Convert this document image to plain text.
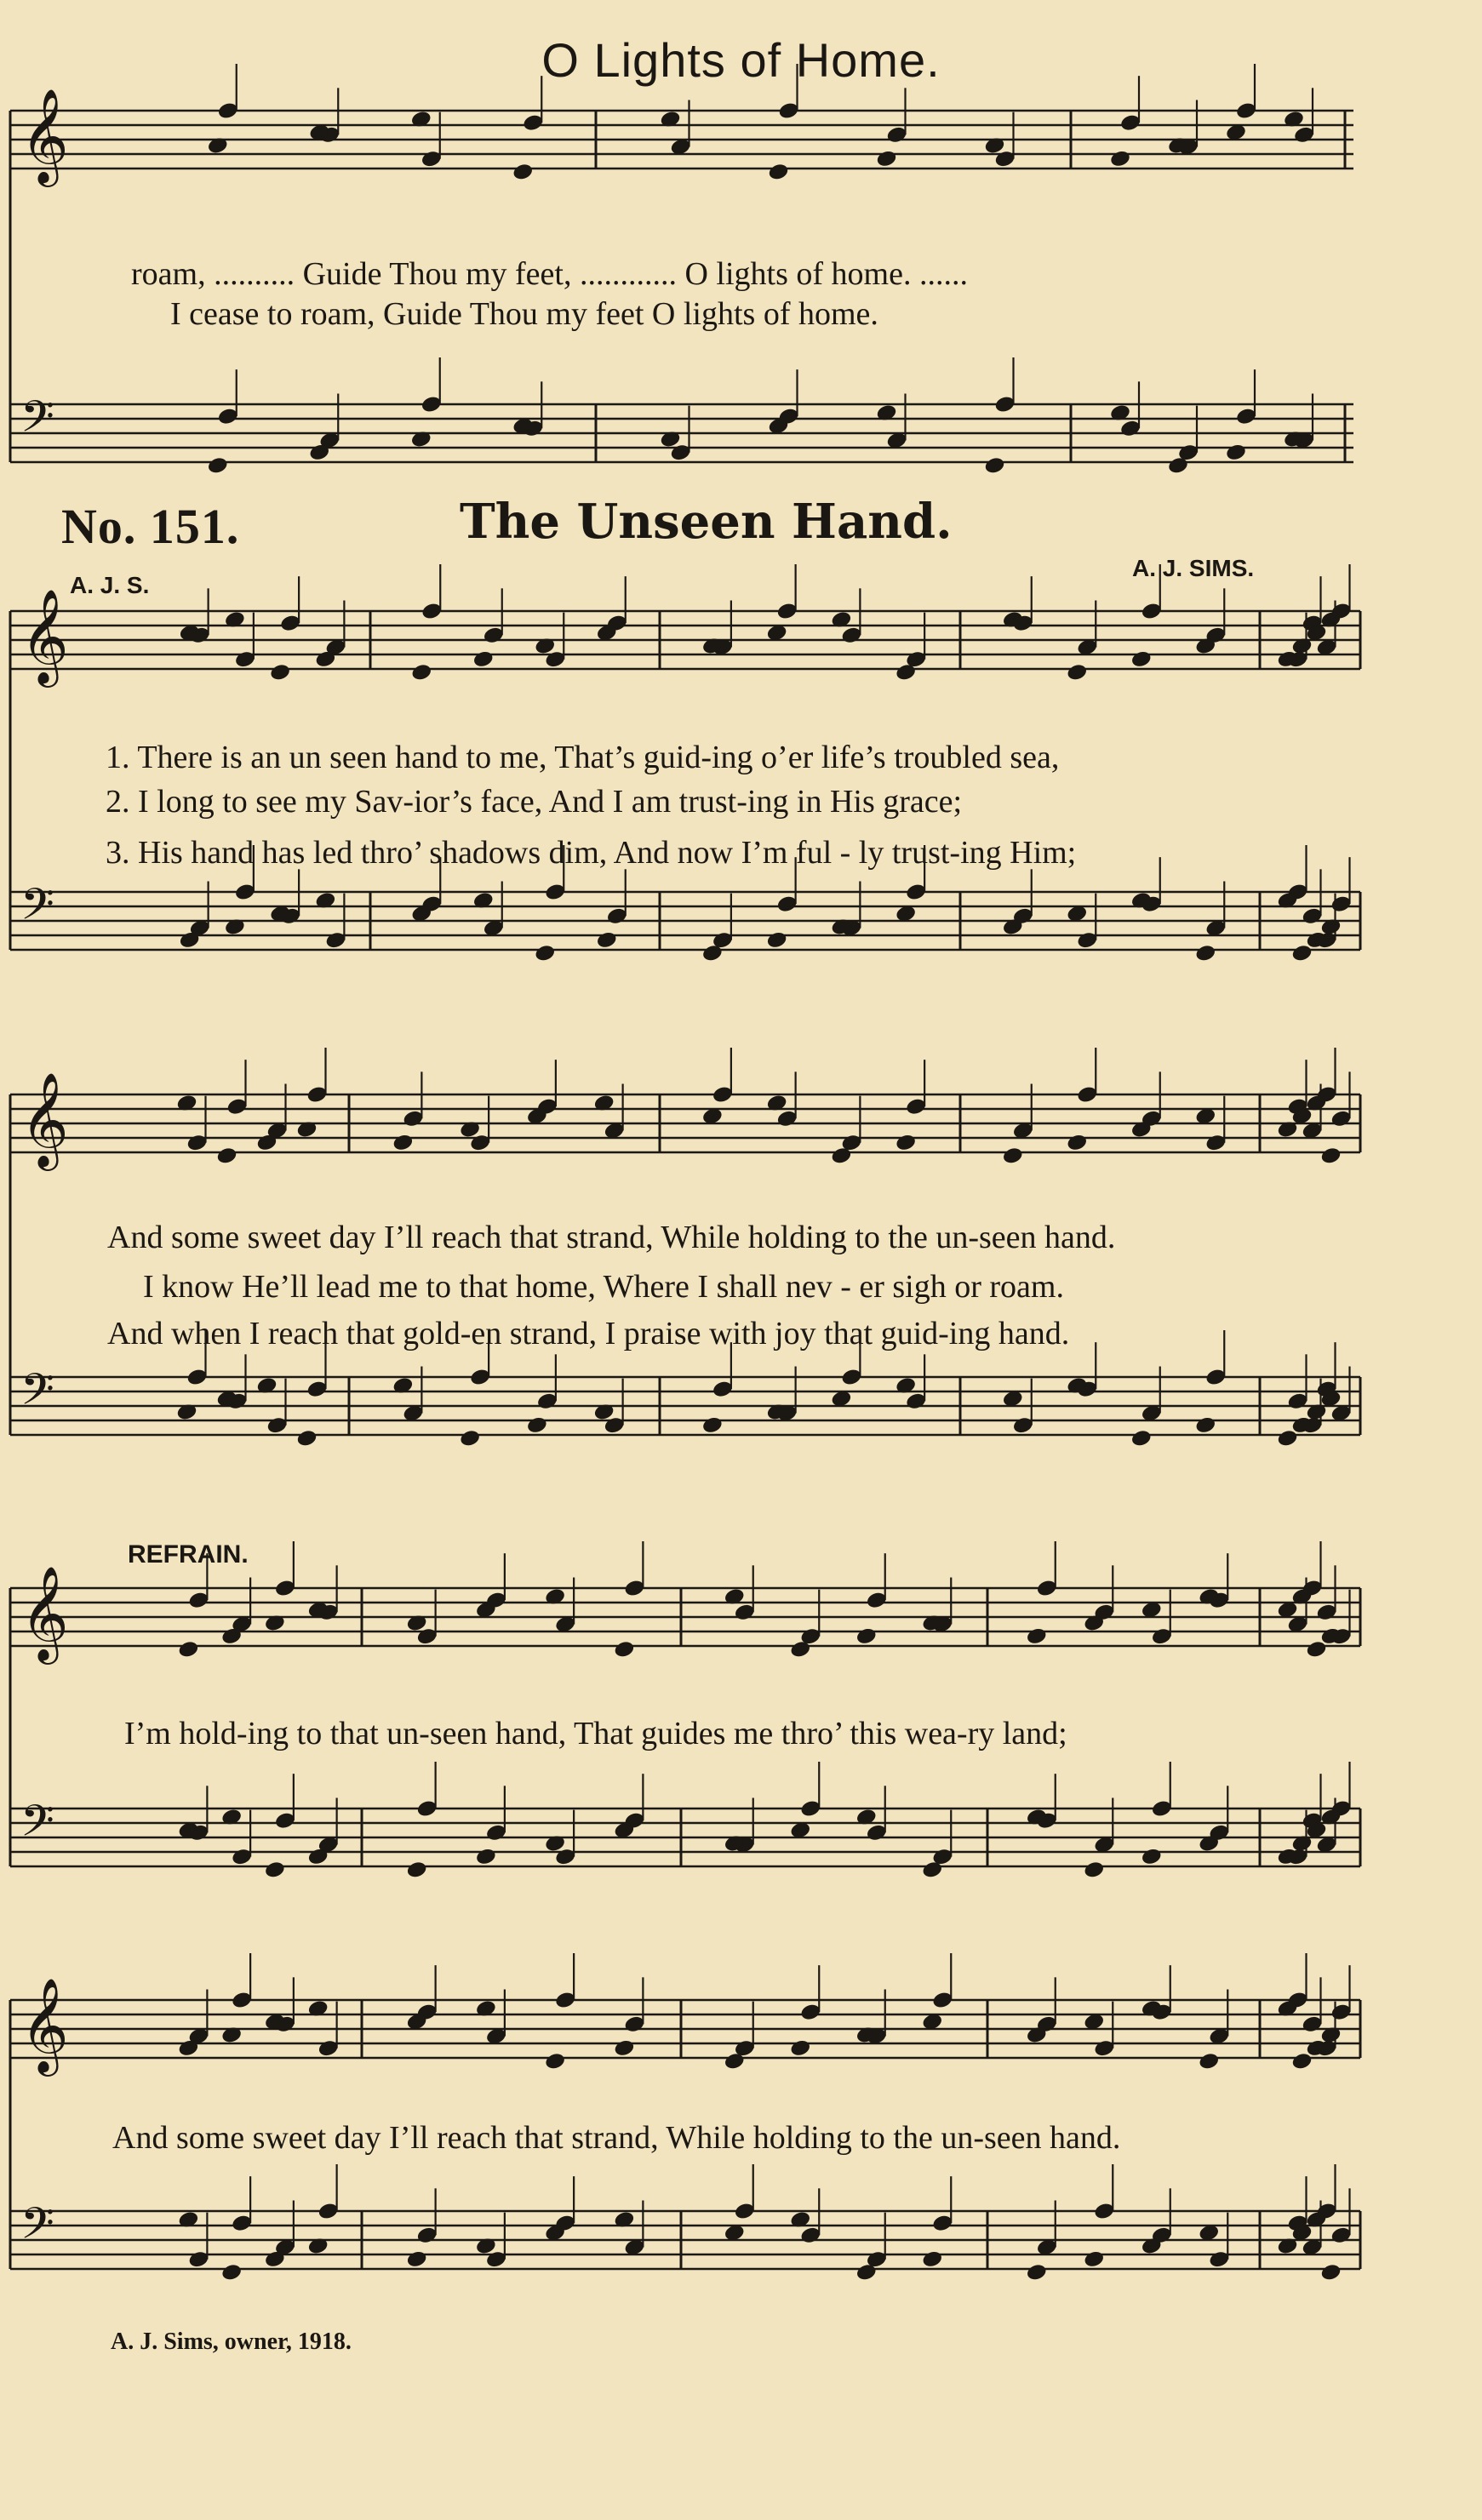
𝄞
𝄢
𝄞
𝄢
𝄞
𝄢
𝄞
𝄢
𝄞
𝄢
O Lights of Home.
roam, .......... Guide Thou my feet, ............ O lights of home. ......
I cease to roam, Guide Thou my feet O lights of home.
No. 151.	The Unseen Hand.
A. J. S.
A. J. SIMS.
1. There is an un seen hand to me, That’s guid-ing o’er life’s troubled sea,
2. I long to see my Sav-ior’s face, And I am trust-ing in His grace;
3. His hand has led thro’ shadows dim, And now I’m ful - ly trust-ing Him;
And some sweet day I’ll reach that strand, While holding to the un-seen hand.
I know He’ll lead me to that home, Where I shall nev - er sigh or roam.
And when I reach that gold-en strand, I praise with joy that guid-ing hand.
REFRAIN.
I’m hold-ing to that un-seen hand, That guides me thro’ this wea-ry land;
And some sweet day I’ll reach that strand, While holding to the un-seen hand.
A. J. Sims, owner, 1918.
